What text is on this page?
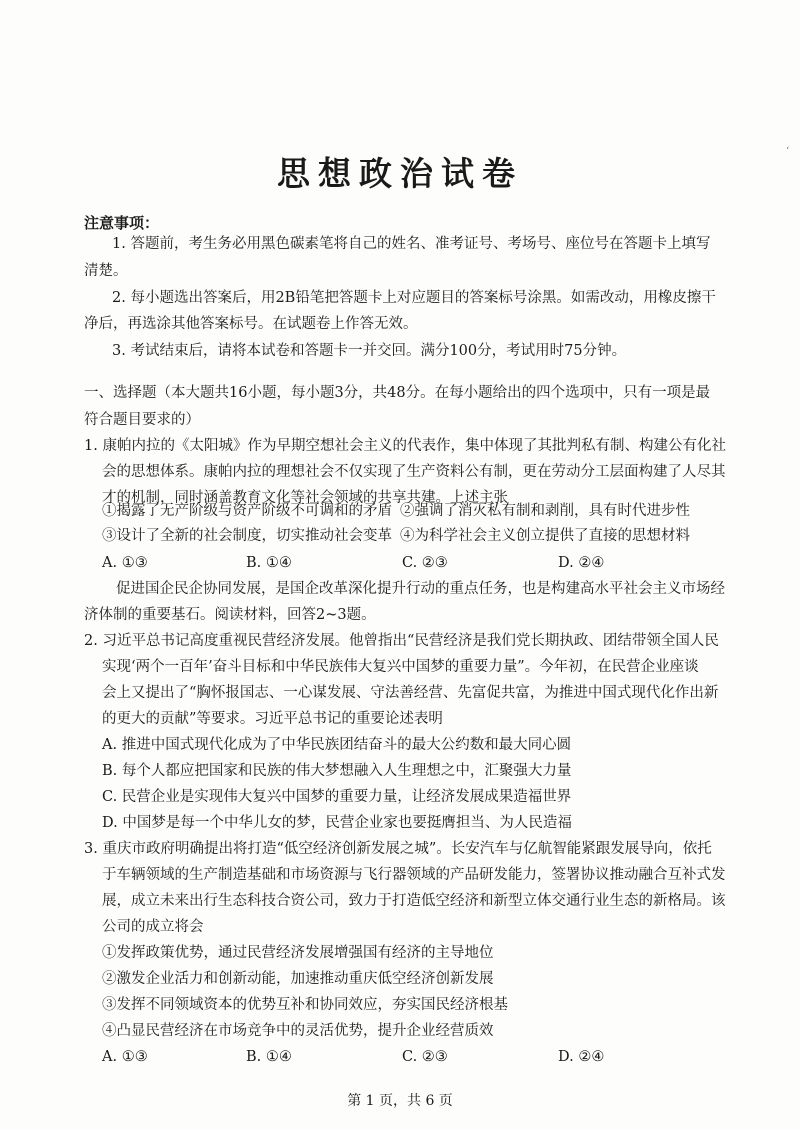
‘
思想政治试卷
注意事项：
1. 答题前，考生务必用黑色碳素笔将自己的姓名、准考证号、考场号、座位号在答题卡上填写
清楚。
2. 每小题选出答案后，用2B铅笔把答题卡上对应题目的答案标号涂黑。如需改动，用橡皮擦干
净后，再选涂其他答案标号。在试题卷上作答无效。
3. 考试结束后，请将本试卷和答题卡一并交回。满分100分，考试用时75分钟。
一、选择题（本大题共16小题，每小题3分，共48分。在每小题给出的四个选项中，只有一项是最
符合题目要求的）
1. 康帕内拉的《太阳城》作为早期空想社会主义的代表作，集中体现了其批判私有制、构建公有化社
会的思想体系。康帕内拉的理想社会不仅实现了生产资料公有制，更在劳动分工层面构建了人尽其
才的机制，同时涵盖教育文化等社会领域的共享共建。上述主张
①揭露了无产阶级与资产阶级不可调和的矛盾 ②强调了消灭私有制和剥削，具有时代进步性
③设计了全新的社会制度，切实推动社会变革 ④为科学社会主义创立提供了直接的思想材料
A. ①③	B. ①④	C. ②③	D. ②④
促进国企民企协同发展，是国企改革深化提升行动的重点任务，也是构建高水平社会主义市场经
济体制的重要基石。阅读材料，回答2~3题。
2. 习近平总书记高度重视民营经济发展。他曾指出“民营经济是我们党长期执政、团结带领全国人民
实现‘两个一百年’奋斗目标和中华民族伟大复兴中国梦的重要力量”。今年初，在民营企业座谈
会上又提出了“胸怀报国志、一心谋发展、守法善经营、先富促共富，为推进中国式现代化作出新
的更大的贡献”等要求。习近平总书记的重要论述表明
A. 推进中国式现代化成为了中华民族团结奋斗的最大公约数和最大同心圆
B. 每个人都应把国家和民族的伟大梦想融入人生理想之中，汇聚强大力量
C. 民营企业是实现伟大复兴中国梦的重要力量，让经济发展成果造福世界
D. 中国梦是每一个中华儿女的梦，民营企业家也要挺膺担当、为人民造福
3. 重庆市政府明确提出将打造“低空经济创新发展之城”。长安汽车与亿航智能紧跟发展导向，依托
于车辆领域的生产制造基础和市场资源与飞行器领域的产品研发能力，签署协议推动融合互补式发
展，成立未来出行生态科技合资公司，致力于打造低空经济和新型立体交通行业生态的新格局。该
公司的成立将会
①发挥政策优势，通过民营经济发展增强国有经济的主导地位
②激发企业活力和创新动能，加速推动重庆低空经济创新发展
③发挥不同领域资本的优势互补和协同效应，夯实国民经济根基
④凸显民营经济在市场竞争中的灵活优势，提升企业经营质效
A. ①③	B. ①④	C. ②③	D. ②④
第 1 页，共 6 页
